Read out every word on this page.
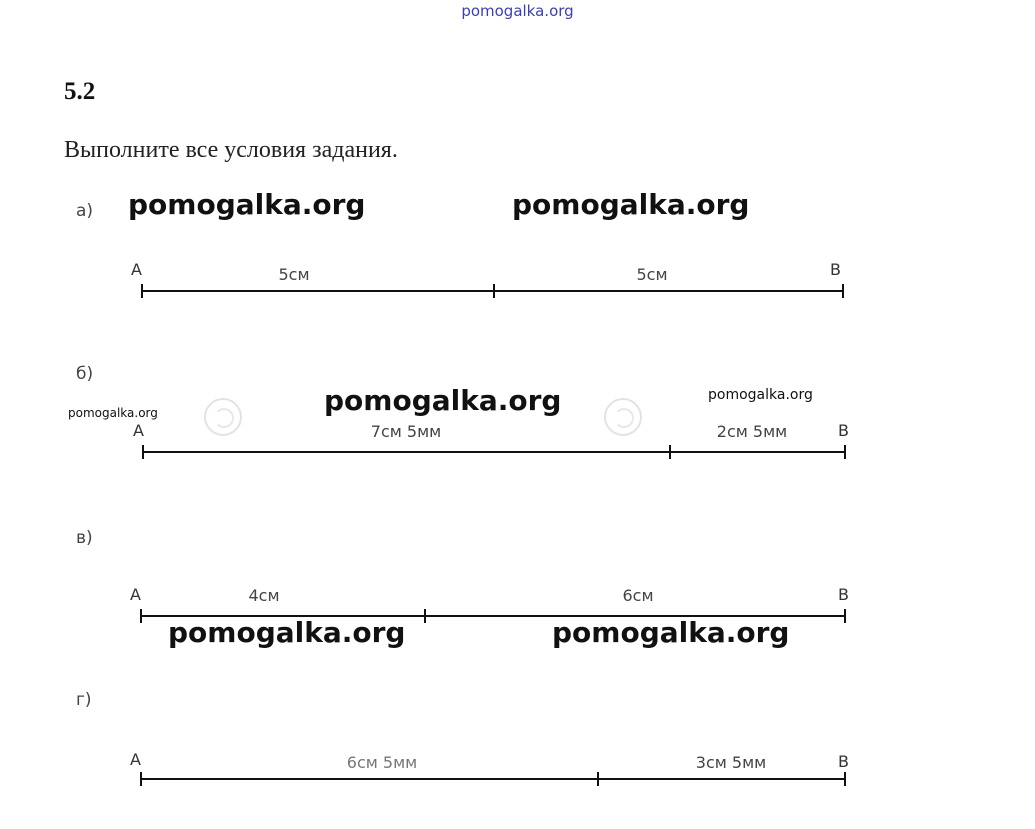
pomogalka.org
5.2
Выполните все условия задания.
а) pomogalka.org	pomogalka.org
A	B
5см	5см
б)
pomogalka.org	pomogalka.org
pomogalka.org
A	B
7см 5мм	2см 5мм
в)
A	B
4см	6см
pomogalka.org	pomogalka.org
г)
A	B
6см 5мм	3см 5мм
